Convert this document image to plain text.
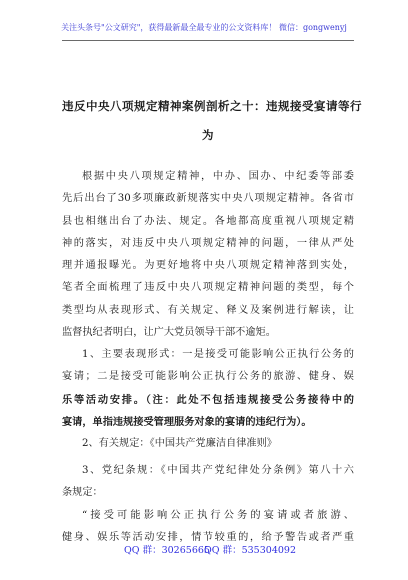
关注头条号"公文研究"，获得最新最全最专业的公文资料库！ 微信：gongwenyj
违反中央八项规定精神案例剖析之十：违规接受宴请等行
为
根据中央八项规定精神，中办、国办、中纪委等部委
先后出台了30多项廉政新规落实中央八项规定精神。各省市
县也相继出台了办法、规定。各地都高度重视八项规定精
神的落实，对违反中央八项规定精神的问题，一律从严处
理并通报曝光。为更好地将中央八项规定精神落到实处，
笔者全面梳理了违反中央八项规定精神问题的类型，每个
类型均从表现形式、有关规定、释义及案例进行解读，让
监督执纪者明白，让广大党员领导干部不逾矩。
1、主要表现形式：一是接受可能影响公正执行公务的
宴请；二是接受可能影响公正执行公务的旅游、健身、娱
乐等活动安排。（注：此处不包括违规接受公务接待中的
宴请，单指违规接受管理服务对象的宴请的违纪行为）。
2、有关规定：《中国共产党廉洁自律准则》
3、党纪条规：《中国共产党纪律处分条例》第八十六
条规定：
“接受可能影响公正执行公务的宴请或者旅游、
健身、娱乐等活动安排，情节较重的，给予警告或者严重
QQ 群：30265665
QQ 群：535304092
